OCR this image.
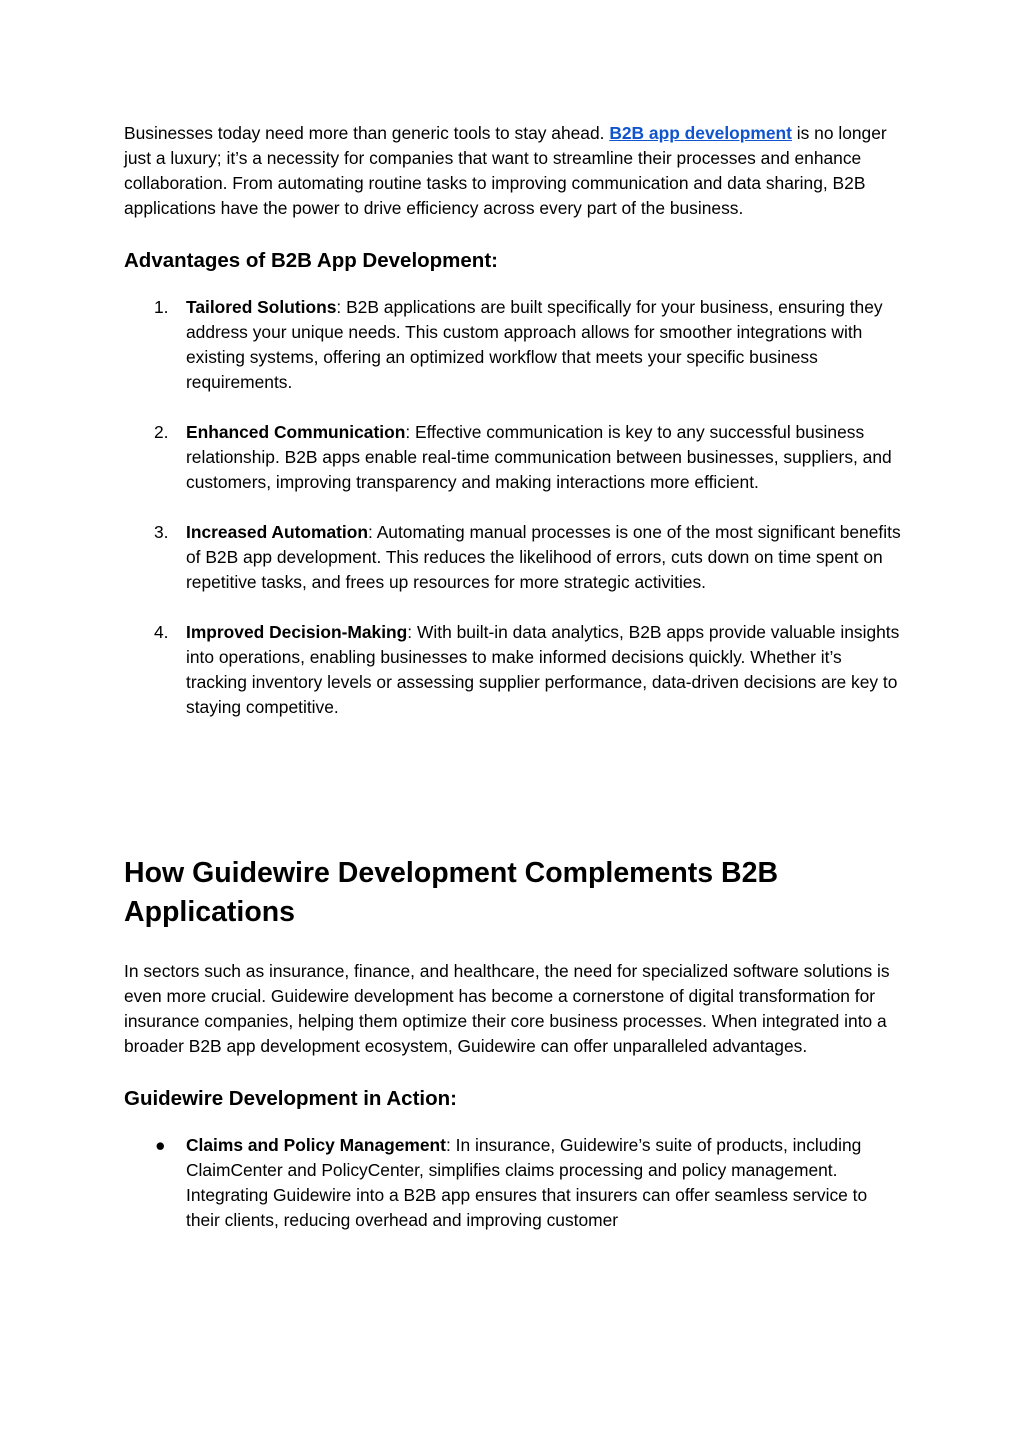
Businesses today need more than generic tools to stay ahead. B2B app development is no longer just a luxury; it’s a necessity for companies that want to streamline their processes and enhance collaboration. From automating routine tasks to improving communication and data sharing, B2B applications have the power to drive efficiency across every part of the business.

Advantages of B2B App Development:
1.	Tailored Solutions: B2B applications are built specifically for your business, ensuring they address your unique needs. This custom approach allows for smoother integrations with existing systems, offering an optimized workflow that meets your specific business requirements.
2.	Enhanced Communication: Effective communication is key to any successful business relationship. B2B apps enable real-time communication between businesses, suppliers, and customers, improving transparency and making interactions more efficient.
3.	Increased Automation: Automating manual processes is one of the most significant benefits of B2B app development. This reduces the likelihood of errors, cuts down on time spent on repetitive tasks, and frees up resources for more strategic activities.
4.	Improved Decision-Making: With built-in data analytics, B2B apps provide valuable insights into operations, enabling businesses to make informed decisions quickly. Whether it’s tracking inventory levels or assessing supplier performance, data-driven decisions are key to staying competitive.
How Guidewire Development Complements B2B Applications

In sectors such as insurance, finance, and healthcare, the need for specialized software solutions is even more crucial. Guidewire development has become a cornerstone of digital transformation for insurance companies, helping them optimize their core business processes. When integrated into a broader B2B app development ecosystem, Guidewire can offer unparalleled advantages.

Guidewire Development in Action:
● Claims and Policy Management: In insurance, Guidewire’s suite of products, including ClaimCenter and PolicyCenter, simplifies claims processing and policy management. Integrating Guidewire into a B2B app ensures that insurers can offer seamless service to their clients, reducing overhead and improving customer
